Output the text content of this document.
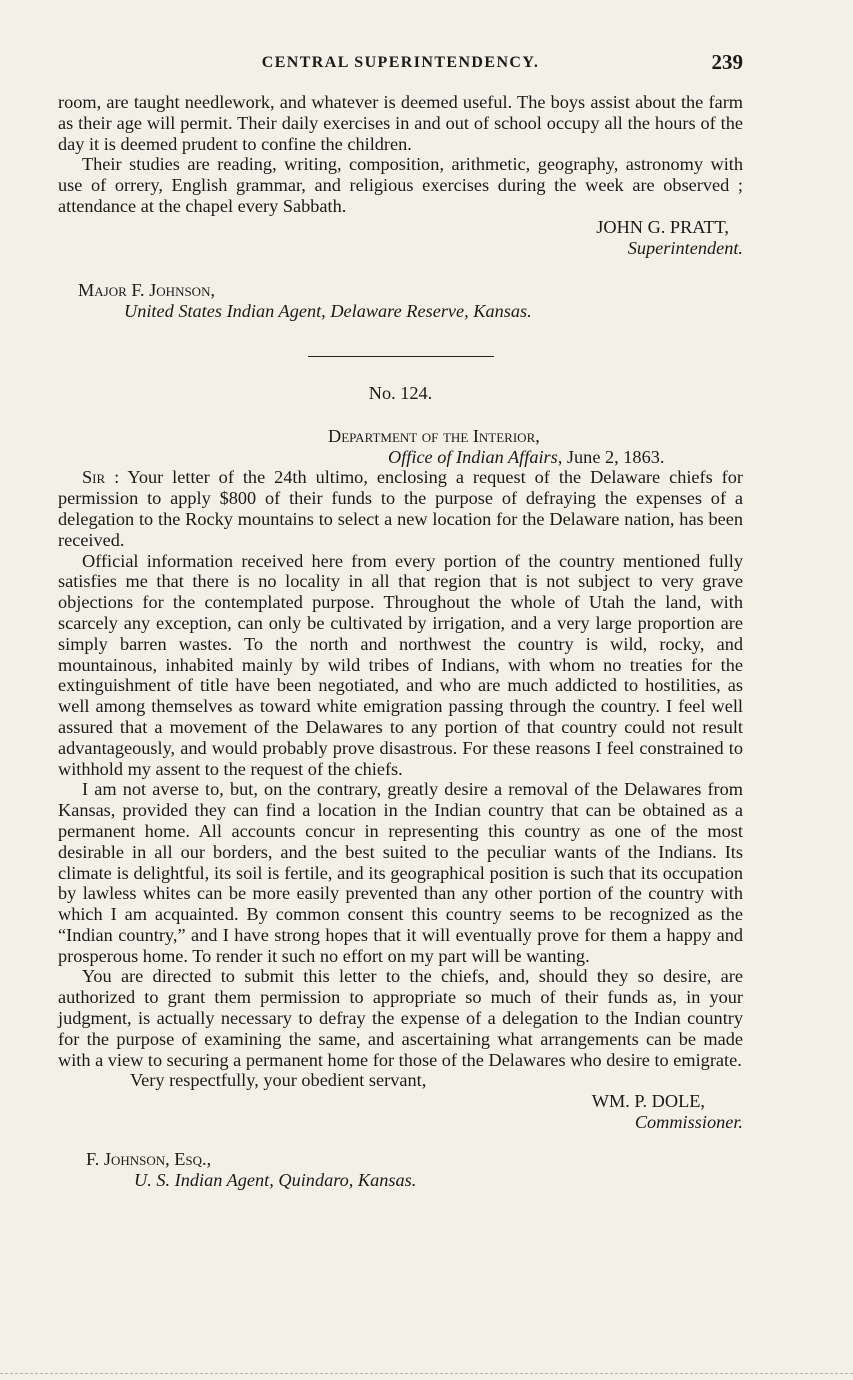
CENTRAL SUPERINTENDENCY.	239

room, are taught needlework, and whatever is deemed useful. The boys assist about the farm as their age will permit. Their daily exercises in and out of school occupy all the hours of the day it is deemed prudent to confine the children.

Their studies are reading, writing, composition, arithmetic, geography, astronomy with use of orrery, English grammar, and religious exercises during the week are observed ; attendance at the chapel every Sabbath.

JOHN G. PRATT,
Superintendent.
Major F. Johnson,
United States Indian Agent, Delaware Reserve, Kansas.
No. 124.
Department of the Interior,
Office of Indian Affairs, June 2, 1863.

Sir : Your letter of the 24th ultimo, enclosing a request of the Delaware chiefs for permission to apply $800 of their funds to the purpose of defraying the expenses of a delegation to the Rocky mountains to select a new location for the Delaware nation, has been received.

Official information received here from every portion of the country mentioned fully satisfies me that there is no locality in all that region that is not subject to very grave objections for the contemplated purpose. Throughout the whole of Utah the land, with scarcely any exception, can only be cultivated by irrigation, and a very large proportion are simply barren wastes. To the north and northwest the country is wild, rocky, and mountainous, inhabited mainly by wild tribes of Indians, with whom no treaties for the extinguishment of title have been negotiated, and who are much addicted to hostilities, as well among themselves as toward white emigration passing through the country. I feel well assured that a movement of the Delawares to any portion of that country could not result advantageously, and would probably prove disastrous. For these reasons I feel constrained to withhold my assent to the request of the chiefs.

I am not averse to, but, on the contrary, greatly desire a removal of the Delawares from Kansas, provided they can find a location in the Indian country that can be obtained as a permanent home. All accounts concur in representing this country as one of the most desirable in all our borders, and the best suited to the peculiar wants of the Indians. Its climate is delightful, its soil is fertile, and its geographical position is such that its occupation by lawless whites can be more easily prevented than any other portion of the country with which I am acquainted. By common consent this country seems to be recognized as the “Indian country,” and I have strong hopes that it will eventually prove for them a happy and prosperous home. To render it such no effort on my part will be wanting.

You are directed to submit this letter to the chiefs, and, should they so desire, are authorized to grant them permission to appropriate so much of their funds as, in your judgment, is actually necessary to defray the expense of a delegation to the Indian country for the purpose of examining the same, and ascertaining what arrangements can be made with a view to securing a permanent home for those of the Delawares who desire to emigrate.

Very respectfully, your obedient servant,

WM. P. DOLE,
Commissioner.
F. Johnson, Esq.,
U. S. Indian Agent, Quindaro, Kansas.
